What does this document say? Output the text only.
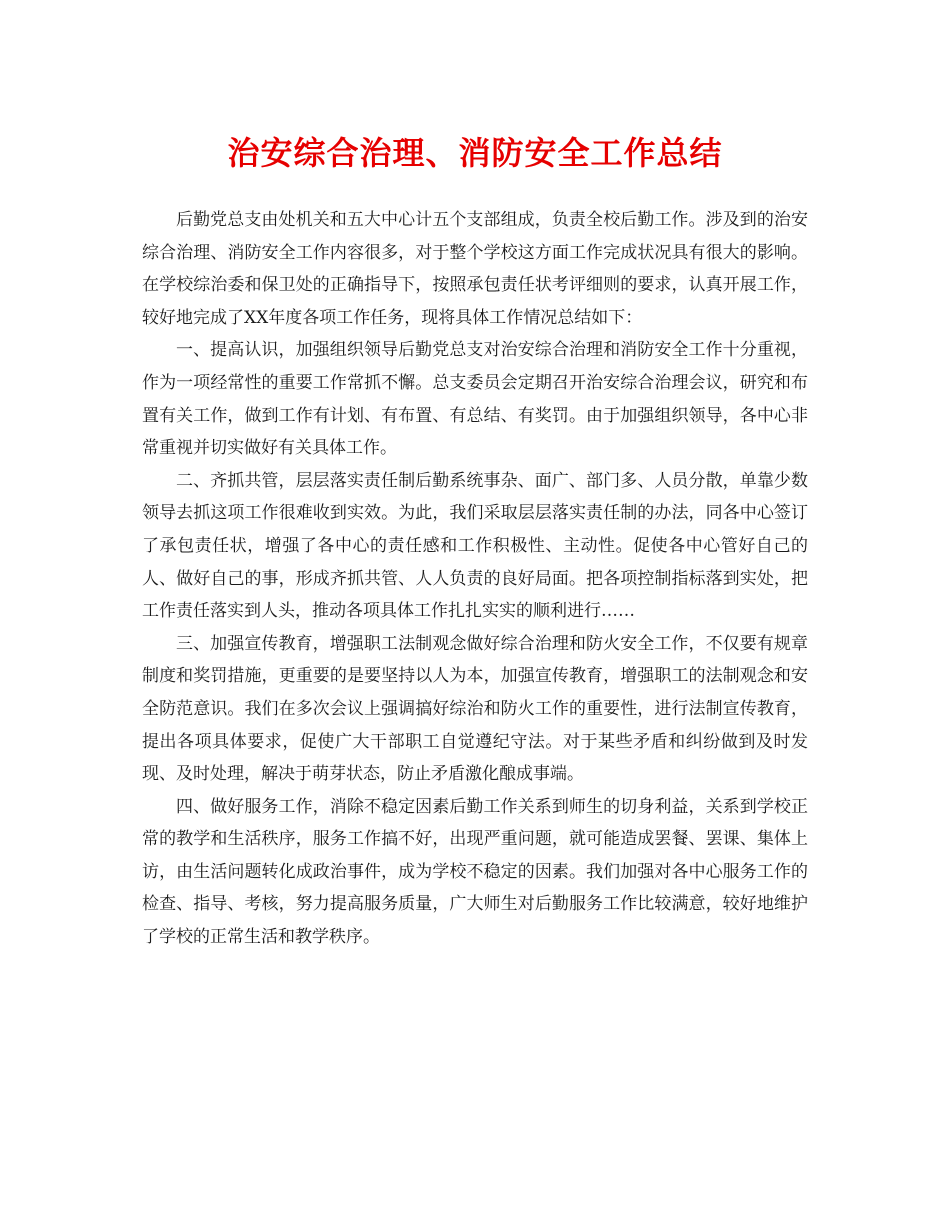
治安综合治理、消防安全工作总结

后勤党总支由处机关和五大中心计五个支部组成，负责全校后勤工作。涉及到的治安综合治理、消防安全工作内容很多，对于整个学校这方面工作完成状况具有很大的影响。在学校综治委和保卫处的正确指导下，按照承包责任状考评细则的要求，认真开展工作，较好地完成了XX年度各项工作任务，现将具体工作情况总结如下：

一、提高认识，加强组织领导后勤党总支对治安综合治理和消防安全工作十分重视，作为一项经常性的重要工作常抓不懈。总支委员会定期召开治安综合治理会议，研究和布置有关工作，做到工作有计划、有布置、有总结、有奖罚。由于加强组织领导，各中心非常重视并切实做好有关具体工作。

二、齐抓共管，层层落实责任制后勤系统事杂、面广、部门多、人员分散，单靠少数领导去抓这项工作很难收到实效。为此，我们采取层层落实责任制的办法，同各中心签订了承包责任状，增强了各中心的责任感和工作积极性、主动性。促使各中心管好自己的人、做好自己的事，形成齐抓共管、人人负责的良好局面。把各项控制指标落到实处，把工作责任落实到人头，推动各项具体工作扎扎实实的顺利进行……

三、加强宣传教育，增强职工法制观念做好综合治理和防火安全工作，不仅要有规章制度和奖罚措施，更重要的是要坚持以人为本，加强宣传教育，增强职工的法制观念和安全防范意识。我们在多次会议上强调搞好综治和防火工作的重要性，进行法制宣传教育，提出各项具体要求，促使广大干部职工自觉遵纪守法。对于某些矛盾和纠纷做到及时发现、及时处理，解决于萌芽状态，防止矛盾激化酿成事端。

四、做好服务工作，消除不稳定因素后勤工作关系到师生的切身利益，关系到学校正常的教学和生活秩序，服务工作搞不好，出现严重问题，就可能造成罢餐、罢课、集体上访，由生活问题转化成政治事件，成为学校不稳定的因素。我们加强对各中心服务工作的检查、指导、考核，努力提高服务质量，广大师生对后勤服务工作比较满意，较好地维护了学校的正常生活和教学秩序。
